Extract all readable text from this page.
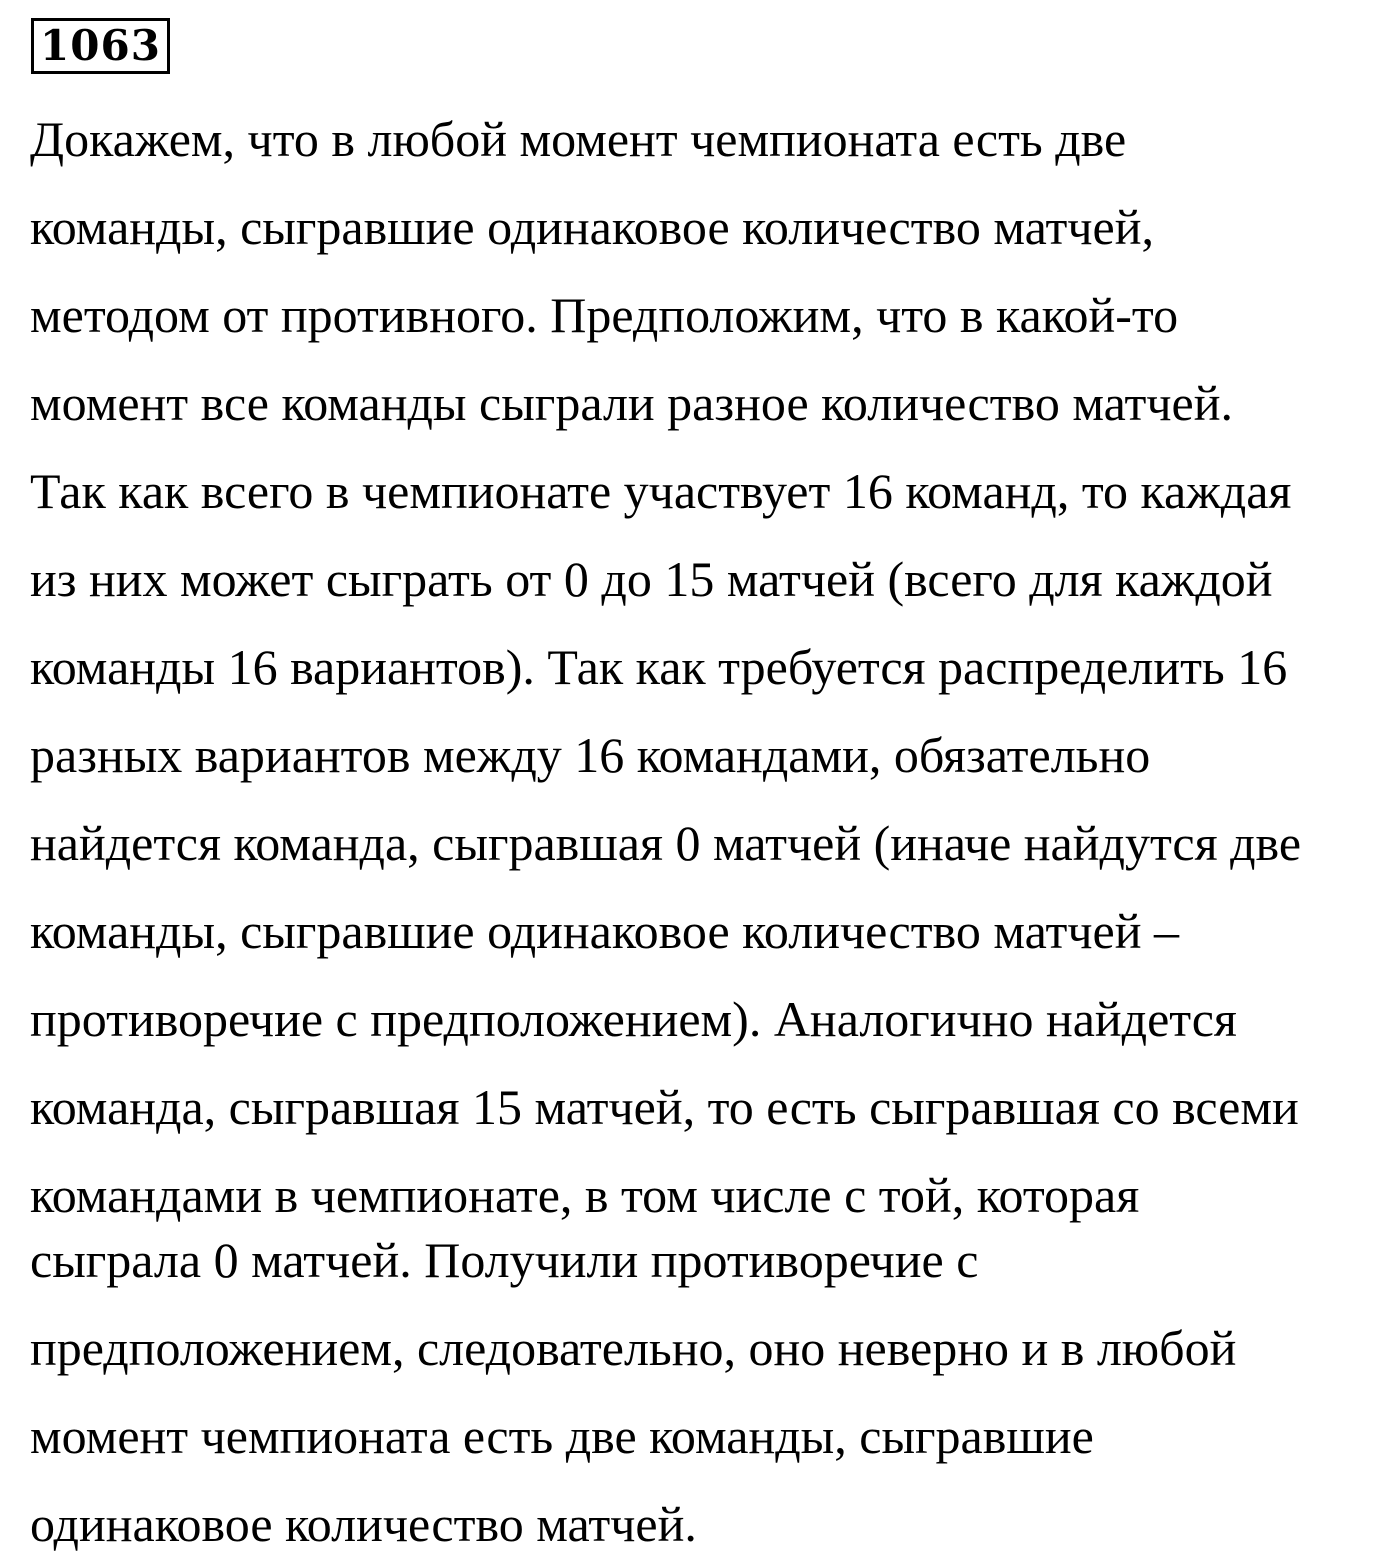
1063
Докажем, что в любой момент чемпионата есть две
команды, сыгравшие одинаковое количество матчей,
методом от противного. Предположим, что в какой-то
момент все команды сыграли разное количество матчей.
Так как всего в чемпионате участвует 16 команд, то каждая
из них может сыграть от 0 до 15 матчей (всего для каждой
команды 16 вариантов). Так как требуется распределить 16
разных вариантов между 16 командами, обязательно
найдется команда, сыгравшая 0 матчей (иначе найдутся две
команды, сыгравшие одинаковое количество матчей –
противоречие с предположением). Аналогично найдется
команда, сыгравшая 15 матчей, то есть сыгравшая со всеми
командами в чемпионате, в том числе с той, которая
сыграла 0 матчей. Получили противоречие с
предположением, следовательно, оно неверно и в любой
момент чемпионата есть две команды, сыгравшие
одинаковое количество матчей.
